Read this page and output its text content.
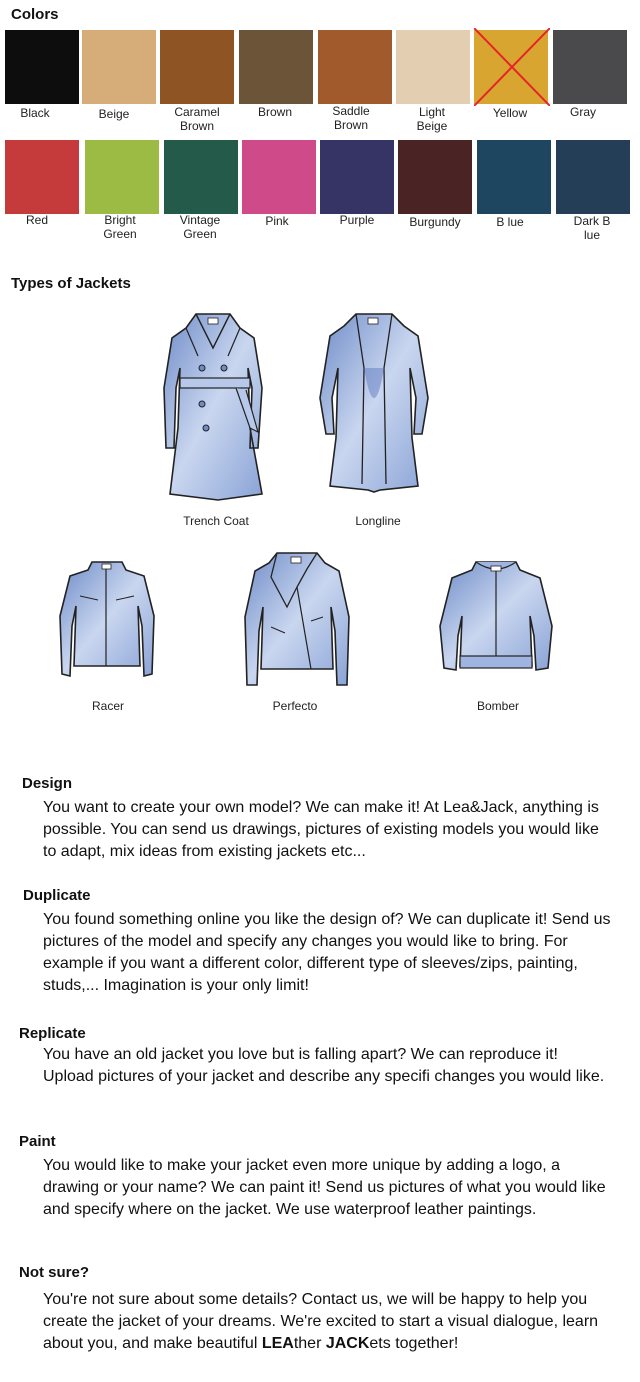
Colors
Black	Beige	Caramel
Brown
Brown	Saddle
Brown
Light
Beige
Yellow	Gray
Red	Bright
Green
Vintage
Green
Pink	Purple	Burgundy	B lue	Dark B
lue
Types of Jackets
Trench Coat	Longline
Racer	Perfecto	Bomber
Design
You want to create your own model? We can make it! At Lea&Jack, anything is possible. You can send us drawings, pictures of existing models you would like to adapt, mix ideas from existing jackets etc...
Duplicate
You found something online you like the design of? We can duplicate it! Send us pictures of the model and specify any changes you would like to bring. For example if you want a different color, different type of sleeves/zips, painting, studs,... Imagination is your only limit!
Replicate
You have an old jacket you love but is falling apart? We can reproduce it! Upload pictures of your jacket and describe any specifi changes you would like.
Paint
You would like to make your jacket even more unique by adding a logo, a drawing or your name? We can paint it! Send us pictures of what you would like and specify where on the jacket. We use waterproof leather paintings.
Not sure?
You're not sure about some details? Contact us, we will be happy to help you create the jacket of your dreams. We're excited to start a visual dialogue, learn about you, and make beautiful LEAther JACKets together!
